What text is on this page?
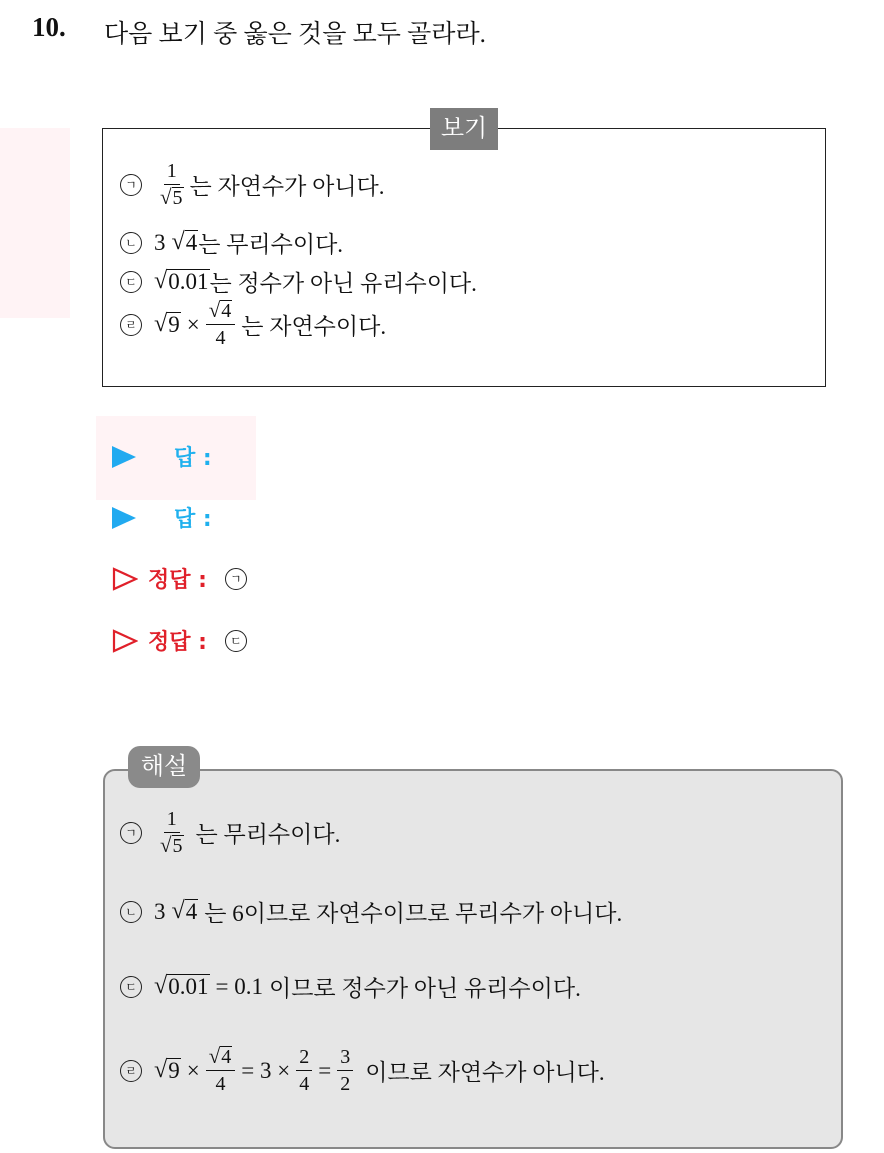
10. 다음 보기 중 옳은 것을 모두 골라라.
보기
ㄱ $\frac{1}{√ 5}$ 는 자연수가 아니다.
ㄴ 3 √ 4 는 무리수이다.
ㄷ √ 0.01 는 정수가 아닌 유리수이다.
ㄹ √ $9 \times \frac{√ 4}{4}$ 는 자연수이다.
답 :
답 :
정답 :	ㄱ
정답 :	ㄷ
해설
ㄱ $\frac{1}{√ 5}$ 는 무리수이다.
ㄴ 3 √ 4 는 6이므로 자연수이므로 무리수가 아니다.
ㄷ √ 0.01 = 0.1 이므로 정수가 아닌 유리수이다.
ㄹ √ $9 \times \frac{√ 4}{4} = 3 \times \frac{2}{4} = \frac{3}{2}$ 이므로 자연수가 아니다.
